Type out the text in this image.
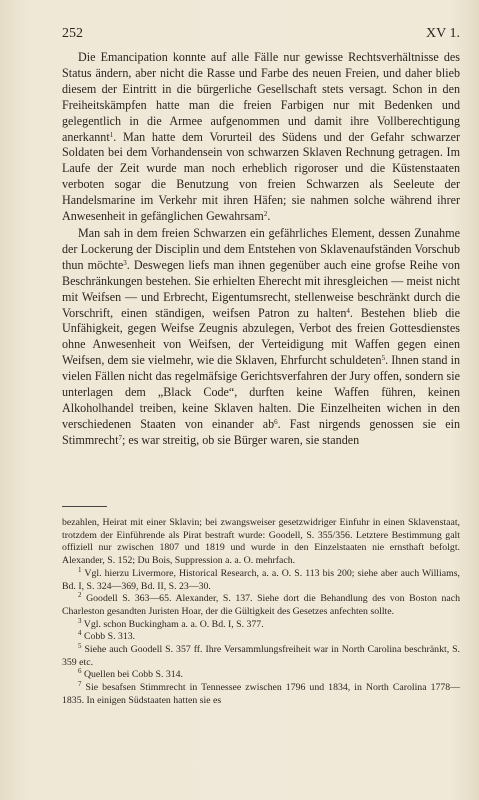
252	XV 1.

Die Emancipation konnte auf alle Fälle nur gewisse Rechtsverhältnisse des Status ändern, aber nicht die Rasse und Farbe des neuen Freien, und daher blieb diesem der Eintritt in die bürgerliche Gesellschaft stets versagt. Schon in den Freiheitskämpfen hatte man die freien Farbigen nur mit Bedenken und gelegentlich in die Armee aufgenommen und damit ihre Vollberechtigung anerkannt$^1$. Man hatte dem Vorurteil des Südens und der Gefahr schwarzer Soldaten bei dem Vorhandensein von schwarzen Sklaven Rechnung getragen. Im Laufe der Zeit wurde man noch erheblich rigoroser und die Küstenstaaten verboten sogar die Benutzung von freien Schwarzen als Seeleute der Handelsmarine im Verkehr mit ihren Häfen; sie nahmen solche während ihrer Anwesenheit in gefänglichen Gewahrsam$^2$.

Man sah in dem freien Schwarzen ein gefährliches Element, dessen Zunahme der Lockerung der Disciplin und dem Entstehen von Sklavenaufständen Vorschub thun möchte$^3$. Deswegen liefs man ihnen gegenüber auch eine grofse Reihe von Beschränkungen bestehen. Sie erhielten Eherecht mit ihresgleichen — meist nicht mit Weifsen — und Erbrecht, Eigentumsrecht, stellenweise beschränkt durch die Vorschrift, einen ständigen, weifsen Patron zu halten$^4$. Bestehen blieb die Unfähigkeit, gegen Weifse Zeugnis abzulegen, Verbot des freien Gottesdienstes ohne Anwesenheit von Weifsen, der Verteidigung mit Waffen gegen einen Weifsen, dem sie vielmehr, wie die Sklaven, Ehrfurcht schuldeten$^5$. Ihnen stand in vielen Fällen nicht das regelmäfsige Gerichtsverfahren der Jury offen, sondern sie unterlagen dem „Black Code“, durften keine Waffen führen, keinen Alkoholhandel treiben, keine Sklaven halten. Die Einzelheiten wichen in den verschiedenen Staaten von einander $ab^6$. Fast nirgends genossen sie ein Stimmrecht$^7$; es war streitig, ob sie Bürger waren, sie standen

bezahlen, Heirat mit einer Sklavin; bei zwangsweiser gesetzwidriger Einfuhr in einen Sklavenstaat, trotzdem der Einführende als Pirat bestraft wurde: Goodell, S. 355/356. Letztere Bestimmung galt offiziell nur zwischen 1807 und 1819 und wurde in den Einzelstaaten nie ernsthaft befolgt. Alexander, S. 152; Du Bois, Suppression a. a. O. mehrfach.

$^1$ Vgl. hierzu Livermore, Historical Research, a. a. O. S. 113 bis 200; siehe aber auch Williams, Bd. I, S. 324—369, Bd. II, S. 23—30.

$^2$ Goodell S. 363—65. Alexander, S. 137. Siehe dort die Behandlung des von Boston nach Charleston gesandten Juristen Hoar, der die Gültigkeit des Gesetzes anfechten sollte.

$^3$ Vgl. schon Buckingham a. a. O. Bd. I, S. 377.

$^4$ Cobb S. 313.

$^5$ Siehe auch Goodell S. 357 ff. Ihre Versammlungsfreiheit war in North Carolina beschränkt, S. 359 etc.

$^6$ Quellen bei Cobb S. 314.

$^7$ Sie besafsen Stimmrecht in Tennessee zwischen 1796 und 1834, in North Carolina 1778—1835. In einigen Südstaaten hatten sie es
